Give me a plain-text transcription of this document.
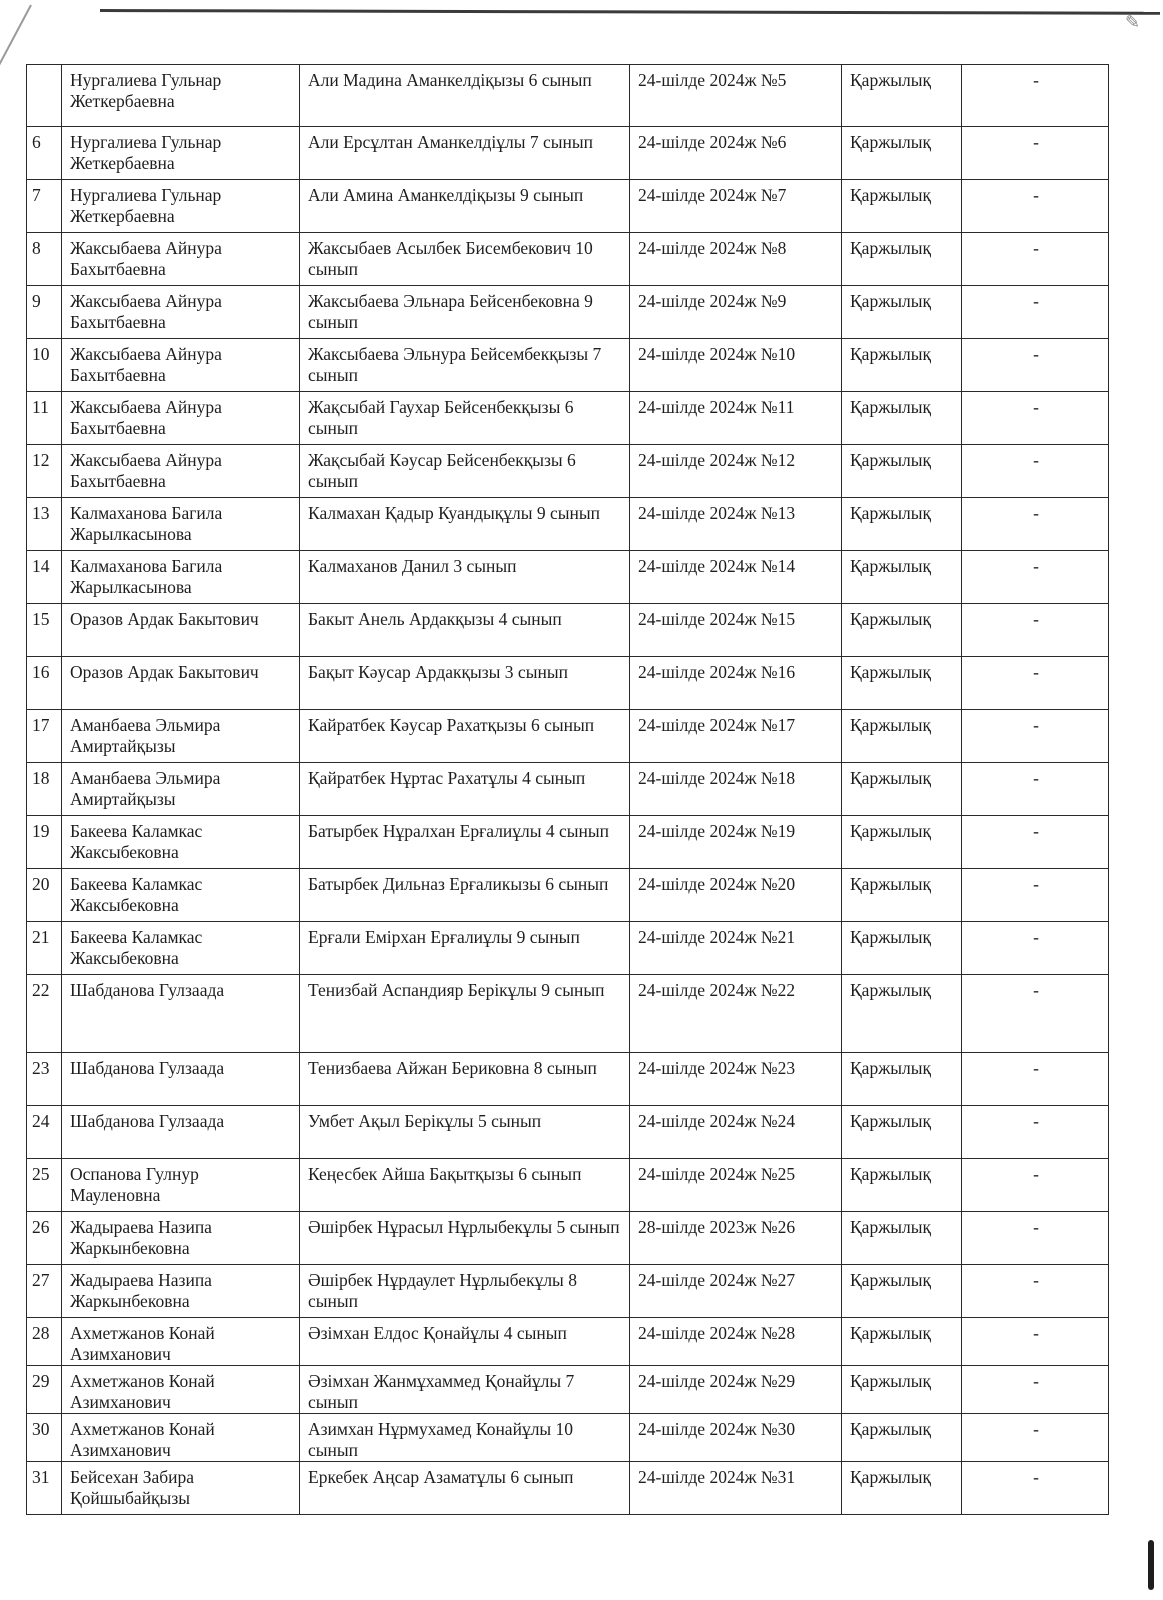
✎
	Нургалиева Гульнар Жеткербаевна	Али Мадина Аманкелдіқызы 6 сынып	24-шілде 2024ж №5	Қаржылық	-
6	Нургалиева Гульнар Жеткербаевна	Али Ерсұлтан Аманкелдіұлы 7 сынып	24-шілде 2024ж №6	Қаржылық	-
7	Нургалиева Гульнар Жеткербаевна	Али Амина Аманкелдіқызы 9 сынып	24-шілде 2024ж №7	Қаржылық	-
8	Жаксыбаева Айнура Бахытбаевна	Жаксыбаев Асылбек Бисембекович 10 сынып	24-шілде 2024ж №8	Қаржылық	-
9	Жаксыбаева Айнура Бахытбаевна	Жаксыбаева Эльнара Бейсенбековна 9 сынып	24-шілде 2024ж №9	Қаржылық	-
10	Жаксыбаева Айнура Бахытбаевна	Жаксыбаева Эльнура Бейсембекқызы 7 сынып	24-шілде 2024ж №10	Қаржылық	-
11	Жаксыбаева Айнура Бахытбаевна	Жақсыбай Гаухар Бейсенбекқызы 6 сынып	24-шілде 2024ж №11	Қаржылық	-
12	Жаксыбаева Айнура Бахытбаевна	Жақсыбай Кәусар Бейсенбекқызы 6 сынып	24-шілде 2024ж №12	Қаржылық	-
13	Калмаханова Багила Жарылкасынова	Калмахан Қадыр Куандықұлы 9 сынып	24-шілде 2024ж №13	Қаржылық	-
14	Калмаханова Багила Жарылкасынова	Калмаханов Данил 3 сынып	24-шілде 2024ж №14	Қаржылық	-
15	Оразов Ардак Бакытович	Бакыт Анель Ардакқызы 4 сынып	24-шілде 2024ж №15	Қаржылық	-
16	Оразов Ардак Бакытович	Бақыт Кәусар Ардакқызы 3 сынып	24-шілде 2024ж №16	Қаржылық	-
17	Аманбаева Эльмира Амиртайқызы	Кайратбек Кәусар Рахатқызы 6 сынып	24-шілде 2024ж №17	Қаржылық	-
18	Аманбаева Эльмира Амиртайқызы	Қайратбек Нұртас Рахатұлы 4 сынып	24-шілде 2024ж №18	Қаржылық	-
19	Бакеева Каламкас Жаксыбековна	Батырбек Нұралхан Ерғалиұлы 4 сынып	24-шілде 2024ж №19	Қаржылық	-
20	Бакеева Каламкас Жаксыбековна	Батырбек Дильназ Ерғаликызы 6 сынып	24-шілде 2024ж №20	Қаржылық	-
21	Бакеева Каламкас Жаксыбековна	Ерғали Емірхан Ерғалиұлы 9 сынып	24-шілде 2024ж №21	Қаржылық	-
22	Шабданова Гулзаада	Тенизбай Аспандияр Берікұлы 9 сынып	24-шілде 2024ж №22	Қаржылық	-
23	Шабданова Гулзаада	Тенизбаева Айжан Бериковна 8 сынып	24-шілде 2024ж №23	Қаржылық	-
24	Шабданова Гулзаада	Умбет Ақыл Берікұлы 5 сынып	24-шілде 2024ж №24	Қаржылық	-
25	Оспанова Гулнур Мауленовна	Кеңесбек Айша Бақытқызы 6 сынып	24-шілде 2024ж №25	Қаржылық	-
26	Жадыраева Назипа Жаркынбековна	Әшірбек Нұрасыл Нұрлыбекұлы 5 сынып	28-шілде 2023ж №26	Қаржылық	-
27	Жадыраева Назипа Жаркынбековна	Әшірбек Нұрдаулет Нұрлыбекұлы 8 сынып	24-шілде 2024ж №27	Қаржылық	-
28	Ахметжанов Конай Азимханович	Әзімхан Елдос Қонайұлы 4 сынып	24-шілде 2024ж №28	Қаржылық	-
29	Ахметжанов Конай Азимханович	Әзімхан Жанмұхаммед Қонайұлы 7 сынып	24-шілде 2024ж №29	Қаржылық	-
30	Ахметжанов Конай Азимханович	Азимхан Нұрмухамед Конайұлы 10 сынып	24-шілде 2024ж №30	Қаржылық	-
31	Бейсехан Забира Қойшыбайқызы	Еркебек Аңсар Азаматұлы 6 сынып	24-шілде 2024ж №31	Қаржылық	-
